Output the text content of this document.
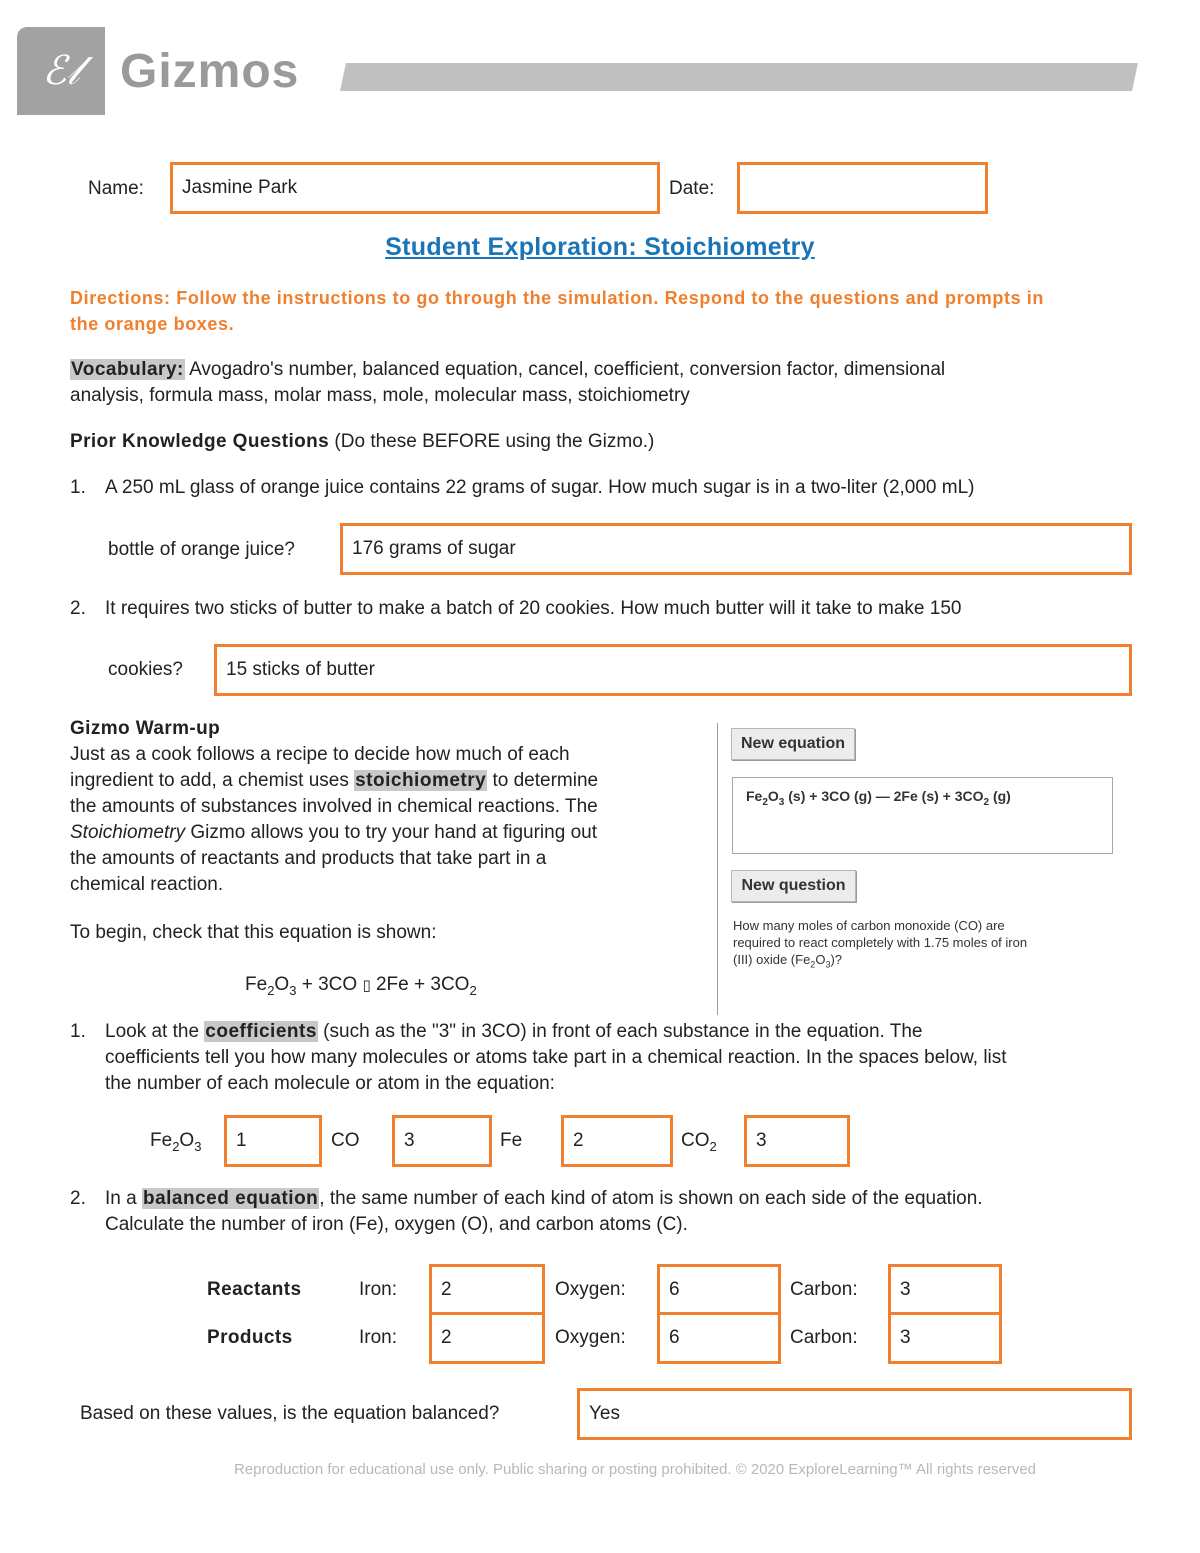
ℰ𝓁 Gizmos
Name:	Jasmine Park	Date:
Student Exploration: Stoichiometry
Directions: Follow the instructions to go through the simulation. Respond to the questions and prompts in the orange boxes.
Vocabulary: Avogadro's number, balanced equation, cancel, coefficient, conversion factor, dimensional
analysis, formula mass, molar mass, mole, molecular mass, stoichiometry
Prior Knowledge Questions (Do these BEFORE using the Gizmo.)
1. A 250 mL glass of orange juice contains 22 grams of sugar. How much sugar is in a two-liter (2,000 mL)
bottle of orange juice?	176 grams of sugar
2. It requires two sticks of butter to make a batch of 20 cookies. How much butter will it take to make 150
cookies?	15 sticks of butter
Gizmo Warm-up
Just as a cook follows a recipe to decide how much of each
ingredient to add, a chemist uses stoichiometry to determine
the amounts of substances involved in chemical reactions. The
Stoichiometry Gizmo allows you to try your hand at figuring out
the amounts of reactants and products that take part in a
chemical reaction.
To begin, check that this equation is shown:
$Fe_2O_3 + 3CO$ ▯ $2Fe + 3CO_2$
New equation
$Fe_2O_3$ (s) + 3CO (g) — 2Fe $(s) + 3CO_2$ (g)
New question
How many moles of carbon monoxide (CO) are
required to react completely with 1.75 moles of iron
(III) oxide $(Fe_2O_3)$?
1. Look at the coefficients (such as the "3" in 3CO) in front of each substance in the equation. The
coefficients tell you how many molecules or atoms take part in a chemical reaction. In the spaces below, list
the number of each molecule or atom in the equation:
$Fe_2O_3$	1	CO	3	Fe	2	$CO_2$	3
2. In a balanced equation, the same number of each kind of atom is shown on each side of the equation.
Calculate the number of iron (Fe), oxygen (O), and carbon atoms (C).
Reactants	Iron:	2	Oxygen:	6	Carbon:	3
Products	Iron:	2	Oxygen:	6	Carbon:	3
Based on these values, is the equation balanced?	Yes
Reproduction for educational use only. Public sharing or posting prohibited. © 2020 ExploreLearning™ All rights reserved
